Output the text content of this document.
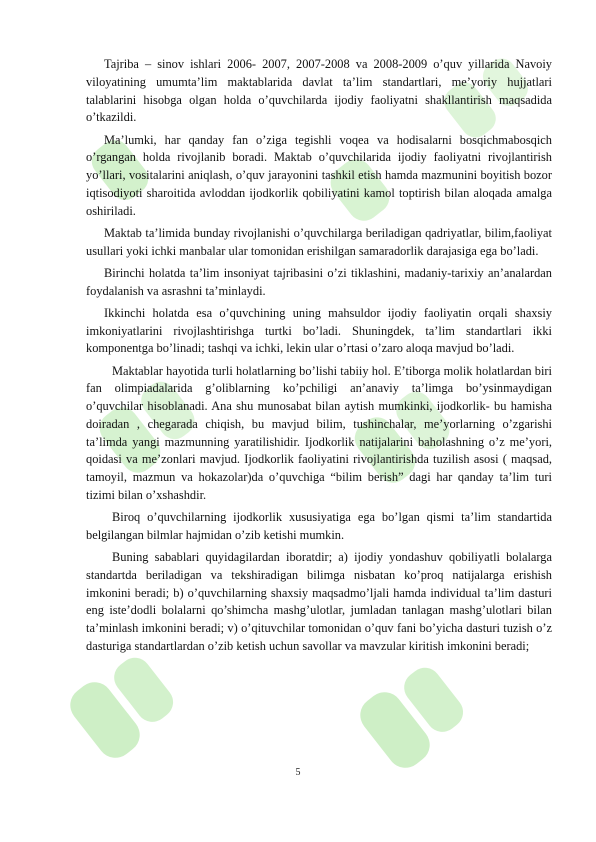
Tajriba – sinov ishlari 2006- 2007, 2007-2008 va 2008-2009 o’quv yillarida Navoiy viloyatining umumta’lim maktablarida davlat ta’lim standartlari, me’yoriy hujjatlari talablarini hisobga olgan holda o’quvchilarda ijodiy faoliyatni shakllantirish maqsadida o’tkazildi.

Ma’lumki, har qanday fan o’ziga tegishli voqea va hodisalarni bosqichmabosqich o’rgangan holda rivojlanib boradi. Maktab o’quvchilarida ijodiy faoliyatni rivojlantirish yo’llari, vositalarini aniqlash, o’quv jarayonini tashkil etish hamda mazmunini boyitish bozor iqtisodiyoti sharoitida avloddan ijodkorlik qobiliyatini kamol toptirish bilan aloqada amalga oshiriladi.

Maktab ta’limida bunday rivojlanishi o’quvchilarga beriladigan qadriyatlar, bilim,faoliyat usullari yoki ichki manbalar ular tomonidan erishilgan samaradorlik darajasiga ega bo’ladi.

Birinchi holatda ta’lim insoniyat tajribasini o’zi tiklashini, madaniy-tarixiy an’analardan foydalanish va asrashni ta’minlaydi.

Ikkinchi holatda esa o’quvchining uning mahsuldor ijodiy faoliyatin orqali shaxsiy imkoniyatlarini rivojlashtirishga turtki bo’ladi. Shuningdek, ta’lim standartlari ikki komponentga bo’linadi; tashqi va ichki, lekin ular o’rtasi o’zaro aloqa mavjud bo’ladi.

Maktablar hayotida turli holatlarning bo’lishi tabiiy hol. E’tiborga molik holatlardan biri fan olimpiadalarida g’oliblarning ko’pchiligi an’anaviy ta’limga bo’ysinmaydigan o’quvchilar hisoblanadi. Ana shu munosabat bilan aytish mumkinki, ijodkorlik- bu hamisha doiradan , chegarada chiqish, bu mavjud bilim, tushinchalar, me’yorlarning o’zgarishi ta’limda yangi mazmunning yaratilishidir. Ijodkorlik natijalarini baholashning o’z me’yori, qoidasi va me’zonlari mavjud. Ijodkorlik faoliyatini rivojlantirishda tuzilish asosi ( maqsad, tamoyil, mazmun va hokazolar)da o’quvchiga “bilim berish” dagi har qanday ta’lim turi tizimi bilan o’xshashdir.

Biroq o’quvchilarning ijodkorlik xususiyatiga ega bo’lgan qismi ta’lim standartida belgilangan bilmlar hajmidan o’zib ketishi mumkin.

Buning sabablari quyidagilardan iboratdir; a) ijodiy yondashuv qobiliyatli bolalarga standartda beriladigan va tekshiradigan bilimga nisbatan ko’proq natijalarga erishish imkonini beradi; b) o’quvchilarning shaxsiy maqsadmo’ljali hamda individual ta’lim dasturi eng iste’dodli bolalarni qo’shimcha mashg’ulotlar, jumladan tanlagan mashg’ulotlari bilan ta’minlash imkonini beradi; v) o’qituvchilar tomonidan o’quv fani bo’yicha dasturi tuzish o’z dasturiga standartlardan o’zib ketish uchun savollar va mavzular kiritish imkonini beradi;

5
